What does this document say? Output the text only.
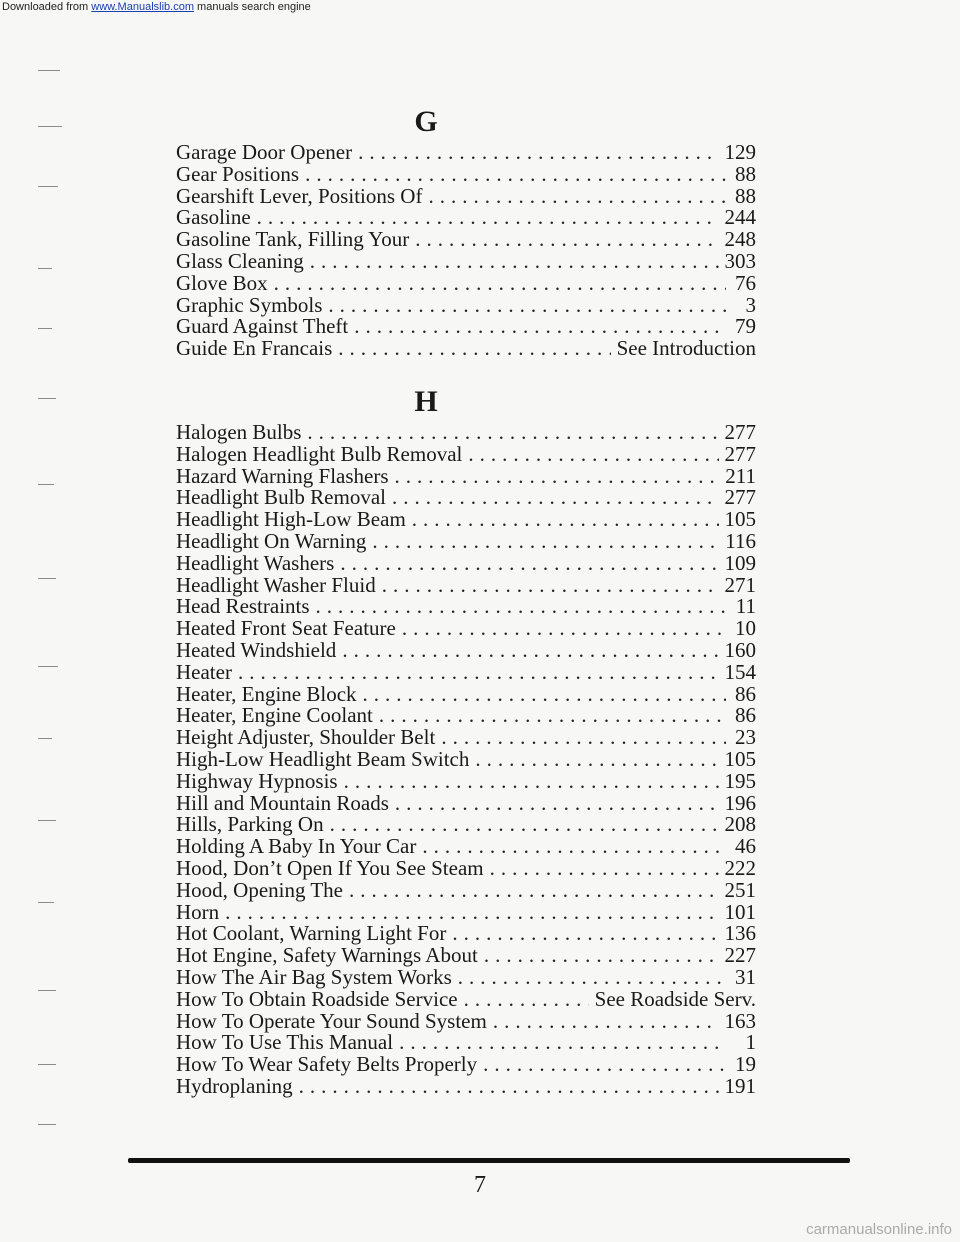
Downloaded from www.Manualslib.com manuals search engine
G
Garage Door Opener .....	129
Gear Positions .....	88
Gearshift Lever, Positions Of .....	88
Gasoline .....	244
Gasoline Tank, Filling Your .....	248
Glass Cleaning .....	303
Glove Box .....	76
Graphic Symbols .....	3
Guard Against Theft .....	79
Guide En Francais .....	See Introduction
H
Halogen Bulbs .....	277
Halogen Headlight Bulb Removal .....	277
Hazard Warning Flashers .....	211
Headlight Bulb Removal .....	277
Headlight High-Low Beam .....	105
Headlight On Warning .....	116
Headlight Washers .....	109
Headlight Washer Fluid .....	271
Head Restraints .....	11
Heated Front Seat Feature .....	10
Heated Windshield .....	160
Heater .....	154
Heater, Engine Block .....	86
Heater, Engine Coolant .....	86
Height Adjuster, Shoulder Belt .....	23
High-Low Headlight Beam Switch .....	105
Highway Hypnosis .....	195
Hill and Mountain Roads .....	196
Hills, Parking On .....	208
Holding A Baby In Your Car .....	46
Hood, Don’t Open If You See Steam .....	222
Hood, Opening The .....	251
Horn .....	101
Hot Coolant, Warning Light For .....	136
Hot Engine, Safety Warnings About .....	227
How The Air Bag System Works .....	31
How To Obtain Roadside Service .....	See Roadside Serv.
How To Operate Your Sound System .....	163
How To Use This Manual .....	1
How To Wear Safety Belts Properly .....	19
Hydroplaning .....	191
7
carmanualsonline.info
